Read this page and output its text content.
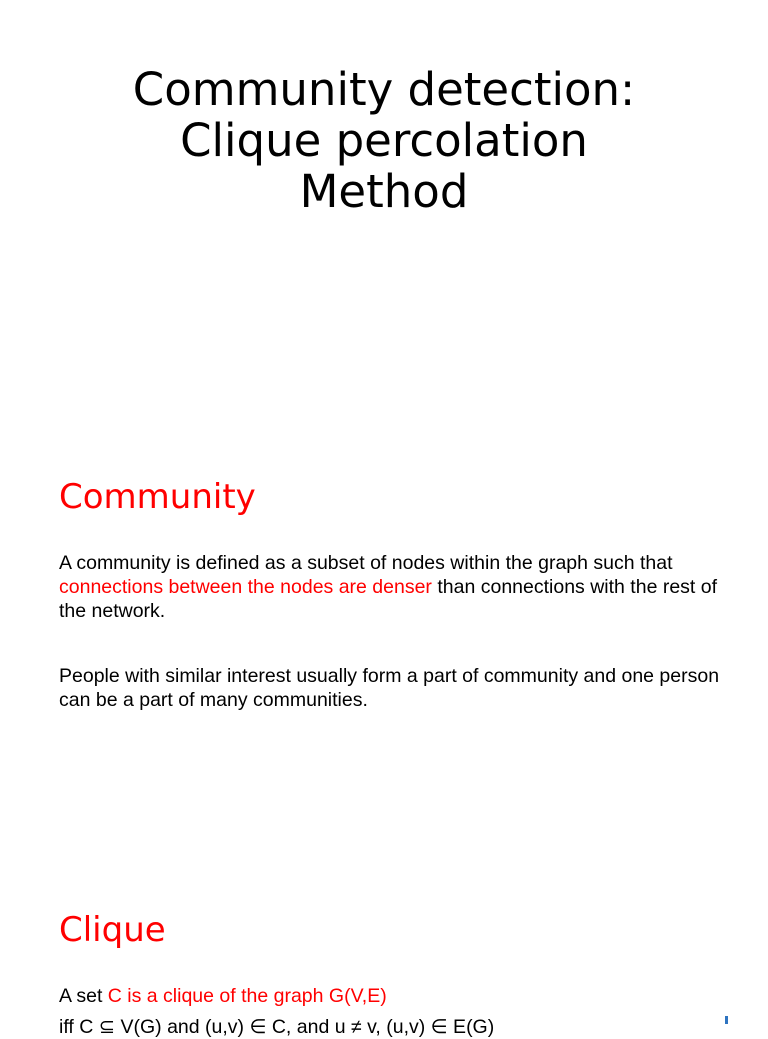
Community detection:
Clique percolation
Method
Community

A community is defined as a subset of nodes within the graph such that connections between the nodes are denser than connections with the rest of the network.

People with similar interest usually form a part of community and one person can be a part of many communities.

Clique

A set C is a clique of the graph G(V,E)

iff C ⊆ V(G) and (u,v) ∈ C, and u ≠ v, (u,v) ∈ E(G)
